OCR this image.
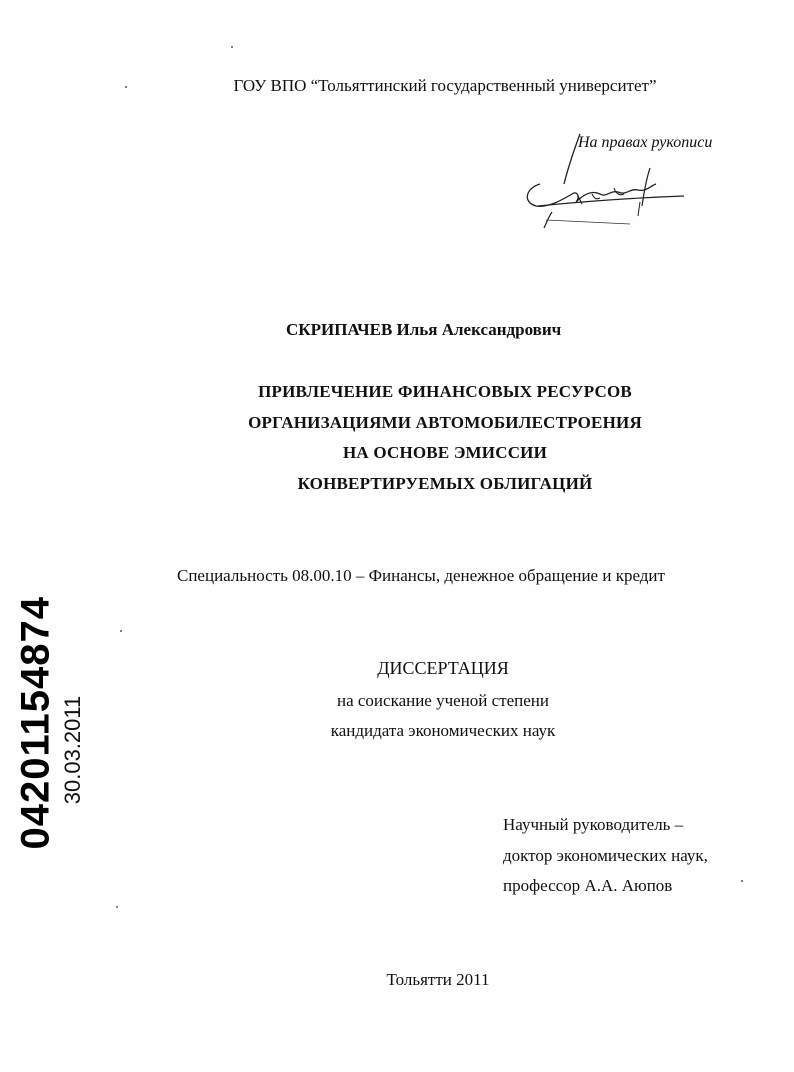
ГОУ ВПО “Тольяттинский государственный университет”
На правах рукописи
СКРИПАЧЕВ Илья Александрович
ПРИВЛЕЧЕНИЕ ФИНАНСОВЫХ РЕСУРСОВ
ОРГАНИЗАЦИЯМИ АВТОМОБИЛЕСТРОЕНИЯ
НА ОСНОВЕ ЭМИССИИ
КОНВЕРТИРУЕМЫХ ОБЛИГАЦИЙ
Специальность 08.00.10 – Финансы, денежное обращение и кредит
ДИССЕРТАЦИЯ
на соискание ученой степени
кандидата экономических наук
Научный руководитель –
доктор экономических наук,
профессор А.А. Аюпов
Тольятти 2011
04201154874 30.03.2011
